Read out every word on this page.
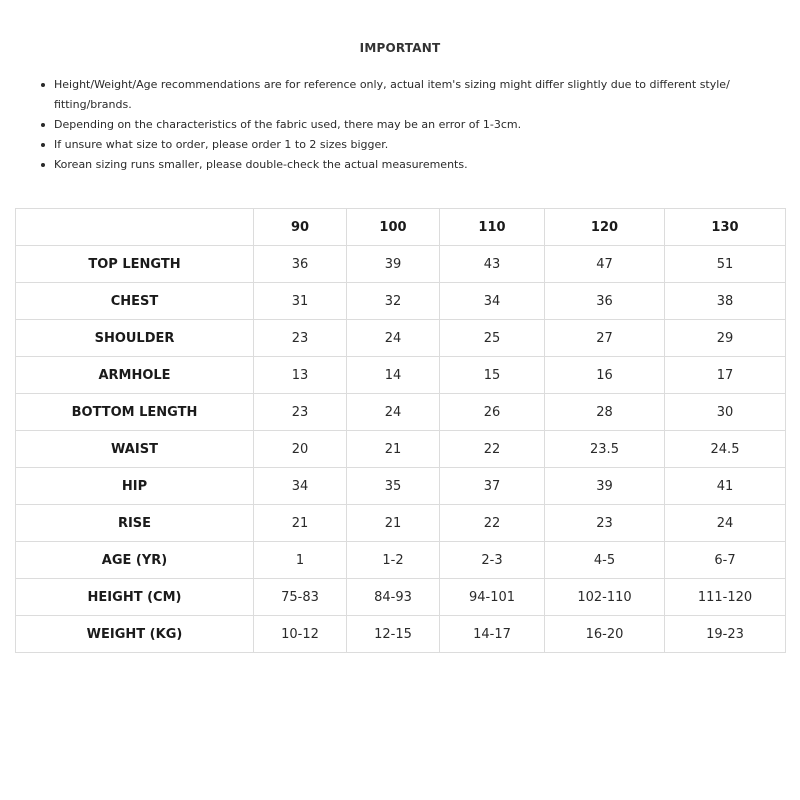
IMPORTANT
Height/Weight/Age recommendations are for reference only, actual item's sizing might differ slightly due to different style/ fitting/brands.
Depending on the characteristics of the fabric used, there may be an error of 1-3cm.
If unsure what size to order, please order 1 to 2 sizes bigger.
Korean sizing runs smaller, please double-check the actual measurements.
	90	100	110	120	130
TOP LENGTH	36	39	43	47	51
CHEST	31	32	34	36	38
SHOULDER	23	24	25	27	29
ARMHOLE	13	14	15	16	17
BOTTOM LENGTH	23	24	26	28	30
WAIST	20	21	22	23.5	24.5
HIP	34	35	37	39	41
RISE	21	21	22	23	24
AGE (YR)	1	1-2	2-3	4-5	6-7
HEIGHT (CM)	75-83	84-93	94-101	102-110	111-120
WEIGHT (KG)	10-12	12-15	14-17	16-20	19-23
